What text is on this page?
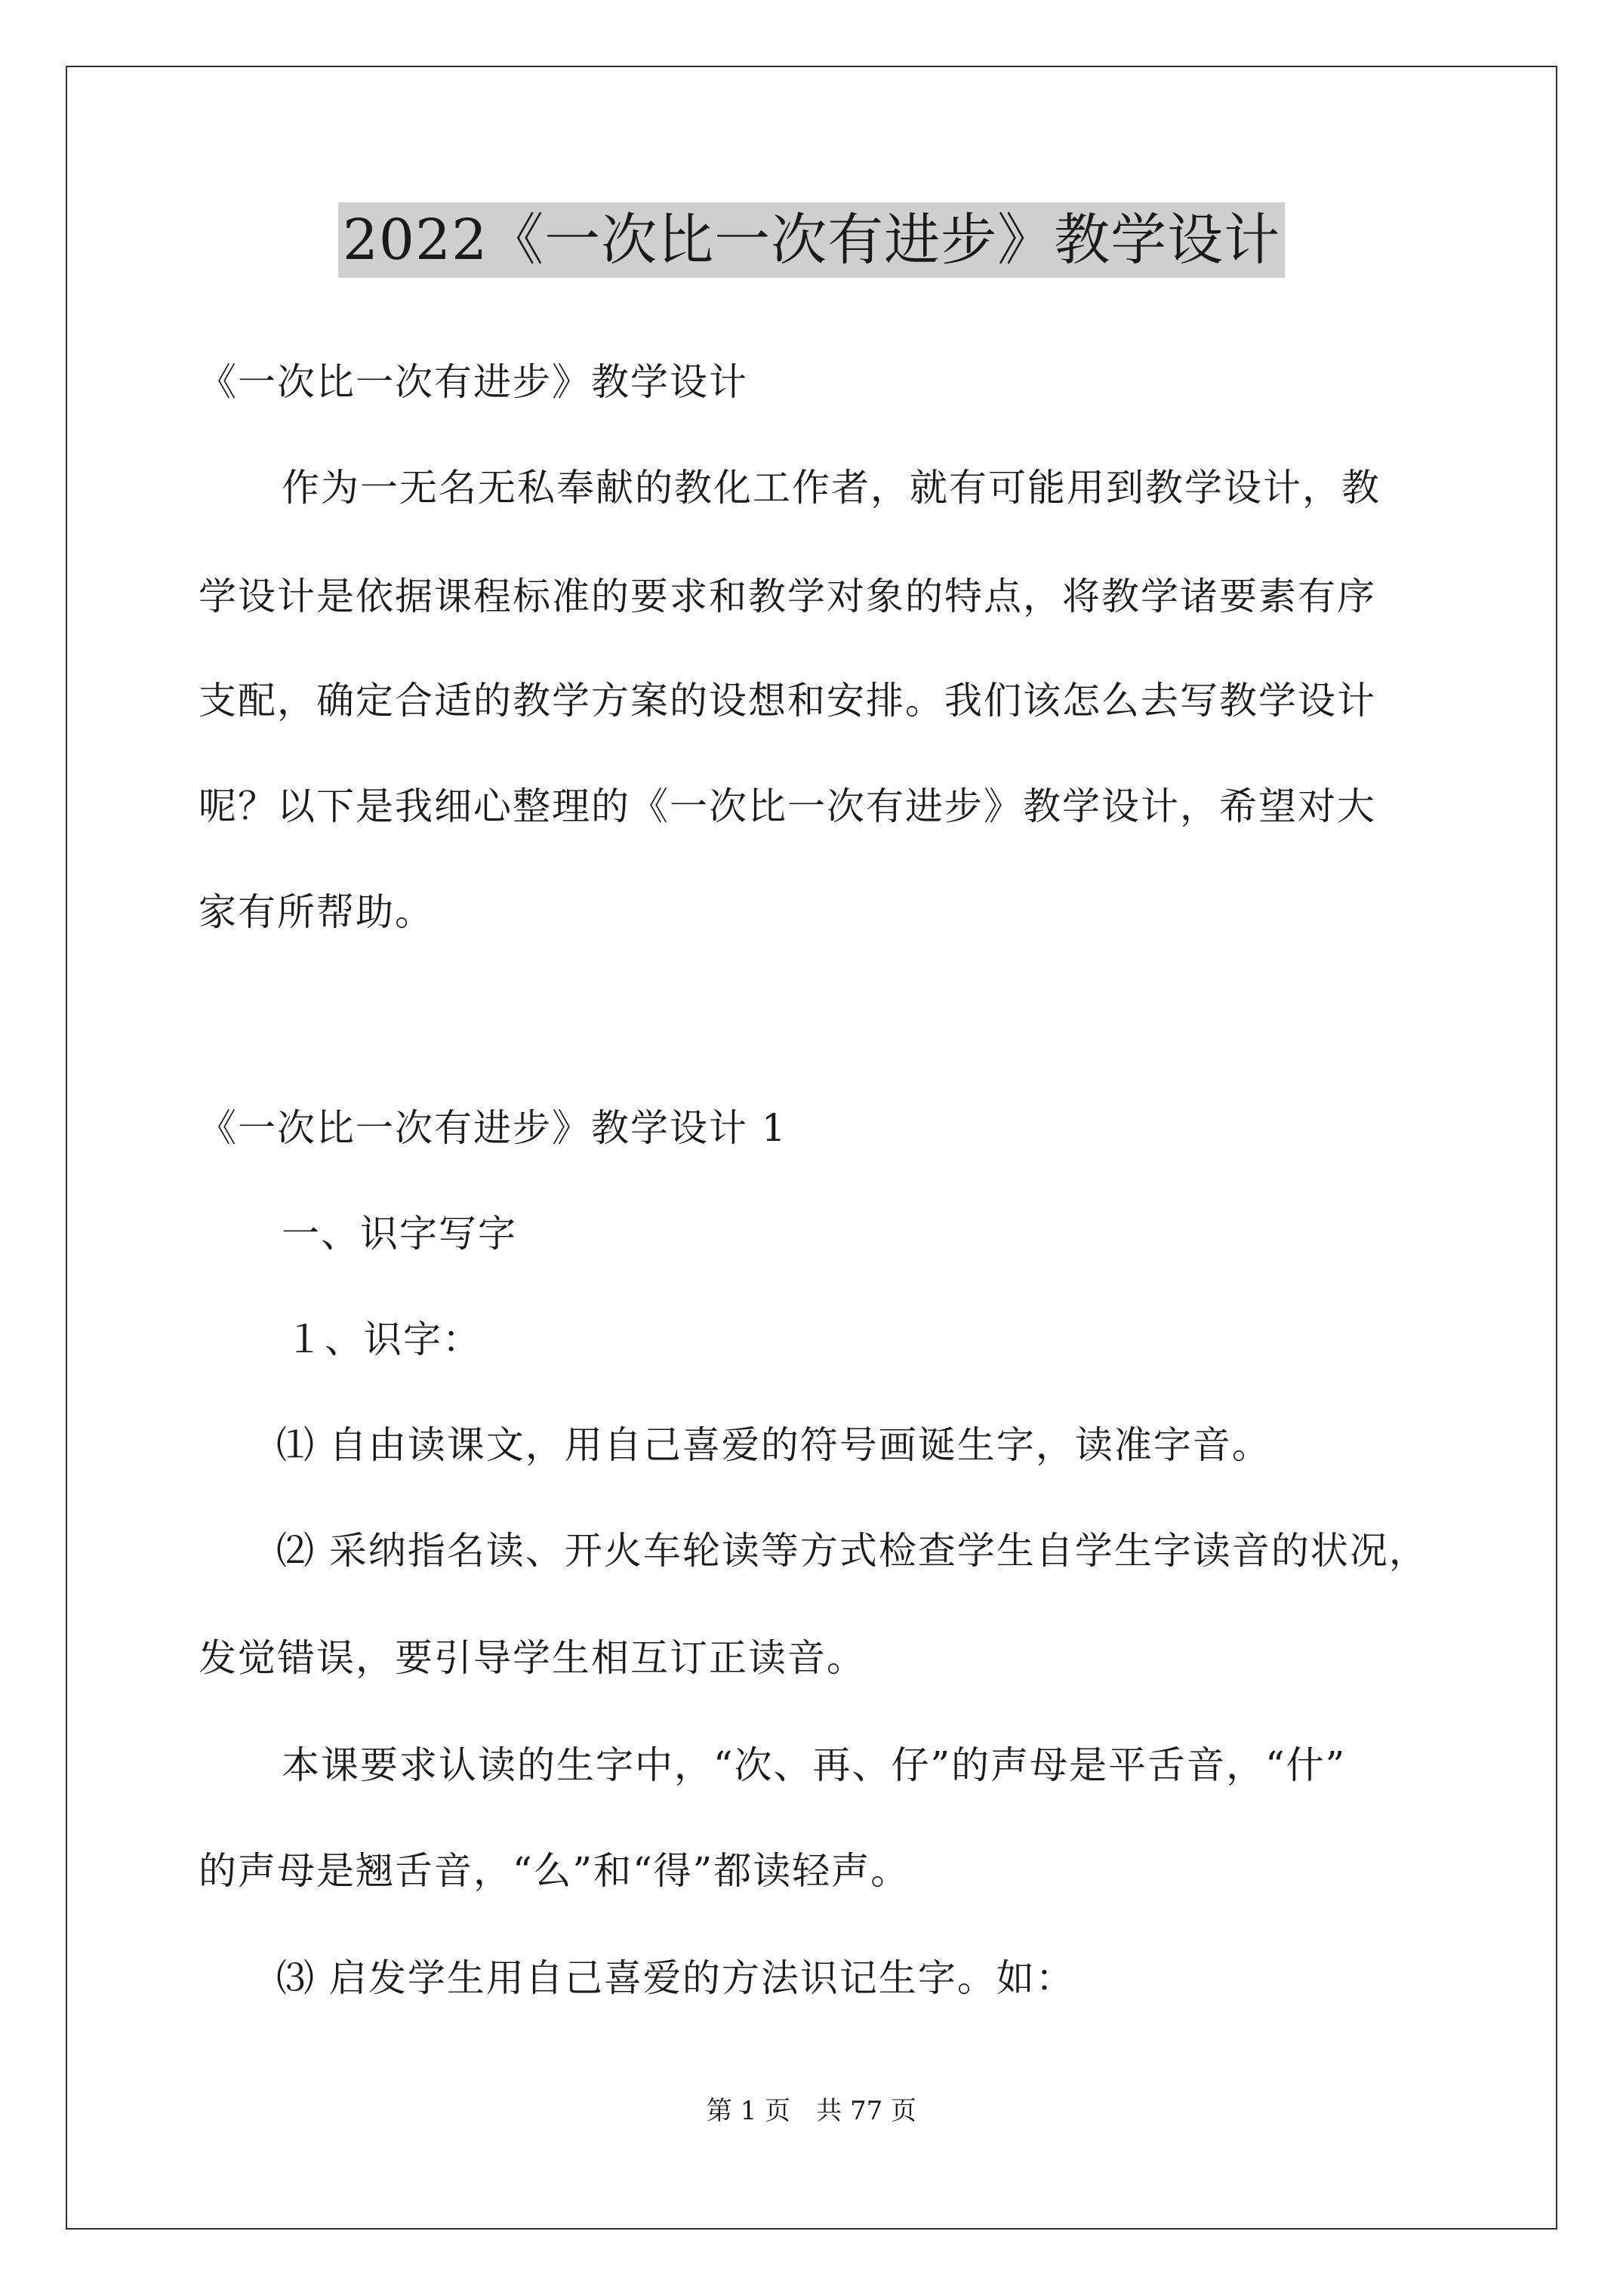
2022《一次比一次有进步》教学设计
《一次比一次有进步》教学设计
作为一无名无私奉献的教化工作者，就有可能用到教学设计，教
学设计是依据课程标准的要求和教学对象的特点，将教学诸要素有序
支配，确定合适的教学方案的设想和安排。我们该怎么去写教学设计
呢？以下是我细心整理的《一次比一次有进步》教学设计，希望对大
家有所帮助。
《一次比一次有进步》教学设计 1
一、识字写字
１、识字：
⑴ 自由读课文，用自己喜爱的符号画诞生字，读准字音。
⑵ 采纳指名读、开火车轮读等方式检查学生自学生字读音的状况，
发觉错误，要引导学生相互订正读音。
本课要求认读的生字中，“次、再、仔”的声母是平舌音，“什”
的声母是翘舌音，“么”和“得”都读轻声。
⑶ 启发学生用自己喜爱的方法识记生字。如：
第 1 页　共 77 页
